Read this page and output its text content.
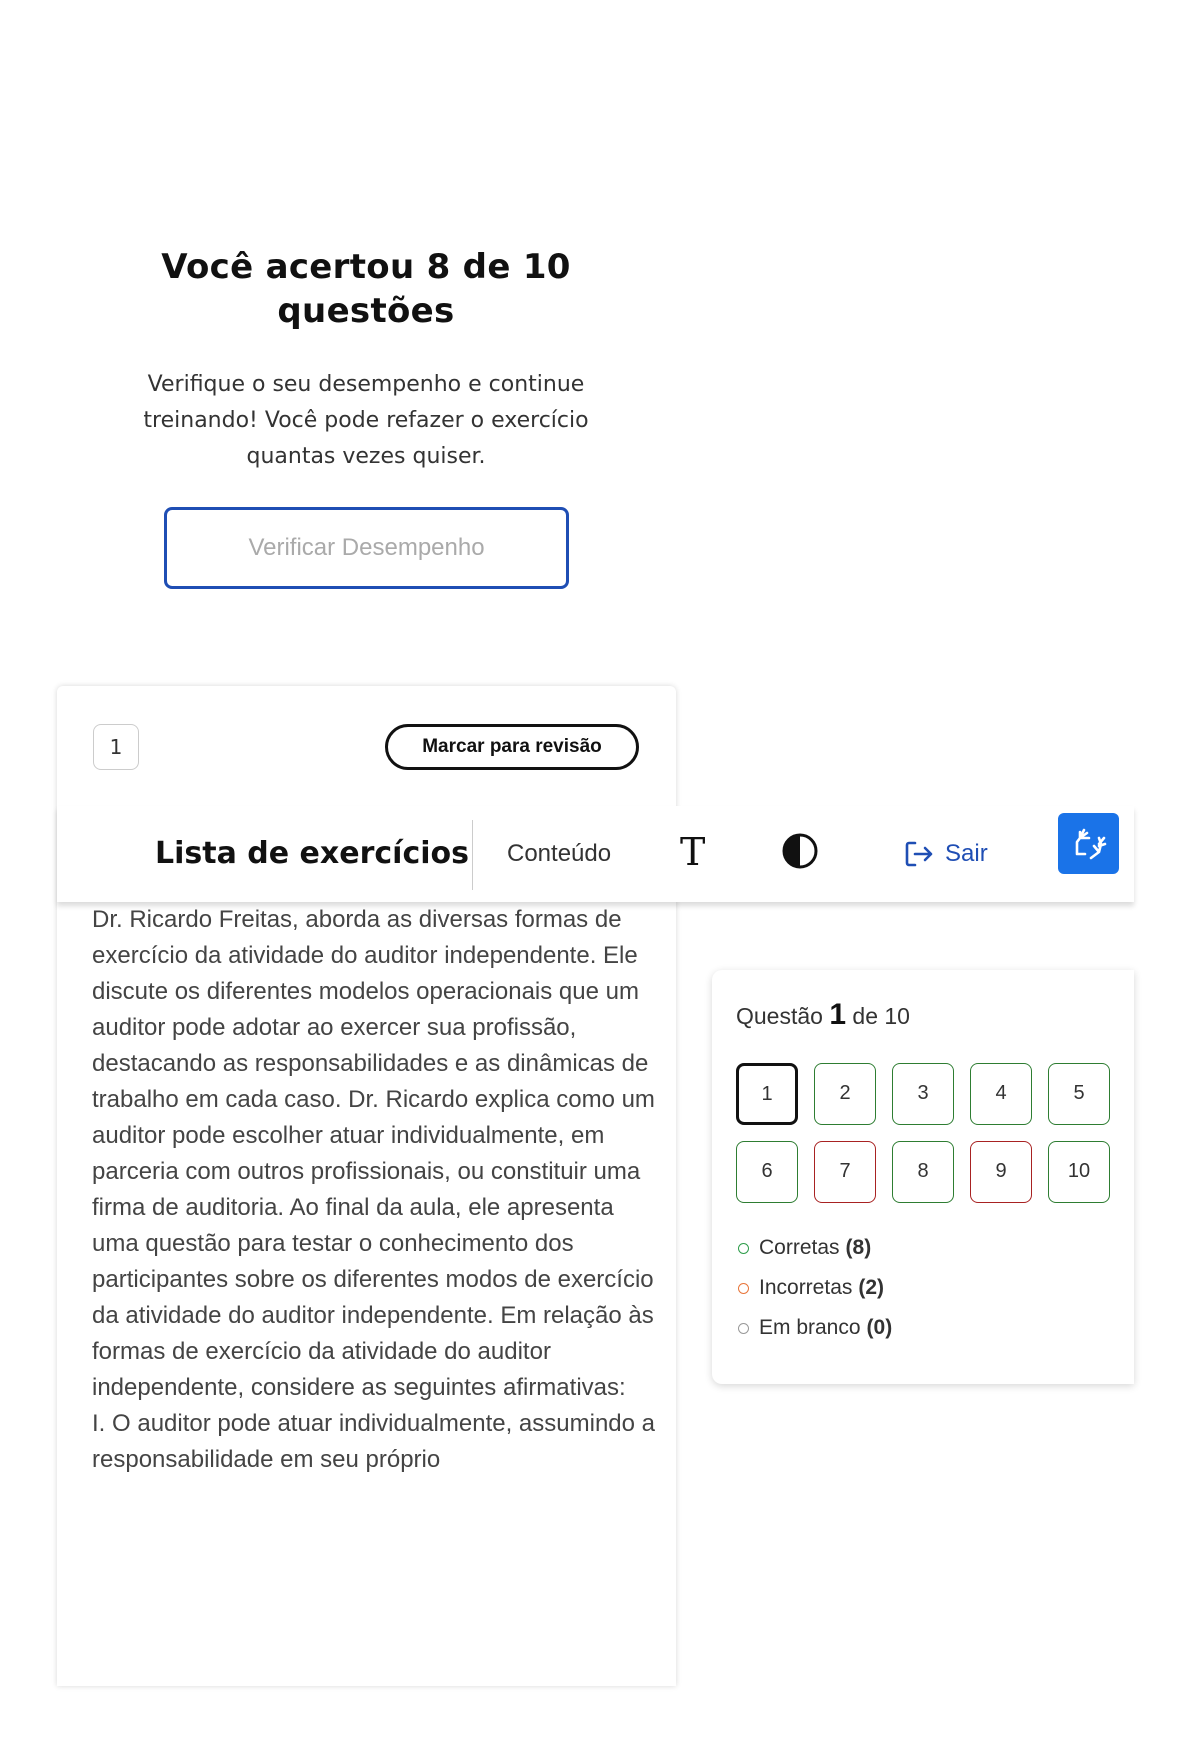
Você acertou 8 de 10 questões

Verifique o seu desempenho e continue treinando! Você pode refazer o exercício quantas vezes quiser.

Verificar Desempenho
1	Marcar para revisão

Dr. Ricardo Freitas, aborda as diversas formas de exercício da atividade do auditor independente. Ele discute os diferentes modelos operacionais que um auditor pode adotar ao exercer sua profissão, destacando as responsabilidades e as dinâmicas de trabalho em cada caso. Dr. Ricardo explica como um auditor pode escolher atuar individualmente, em parceria com outros profissionais, ou constituir uma firma de auditoria. Ao final da aula, ele apresenta uma questão para testar o conhecimento dos participantes sobre os diferentes modos de exercício da atividade do auditor independente. Em relação às formas de exercício da atividade do auditor independente, considere as seguintes afirmativas:

I. O auditor pode atuar individualmente, assumindo a responsabilidade em seu próprio

Lista de exercícios Conteúdo T	Sair
Questão 1 de 10
1	2	3	4	5
6	7	8	9	10
Corretas (8)
Incorretas (2)
Em branco (0)
